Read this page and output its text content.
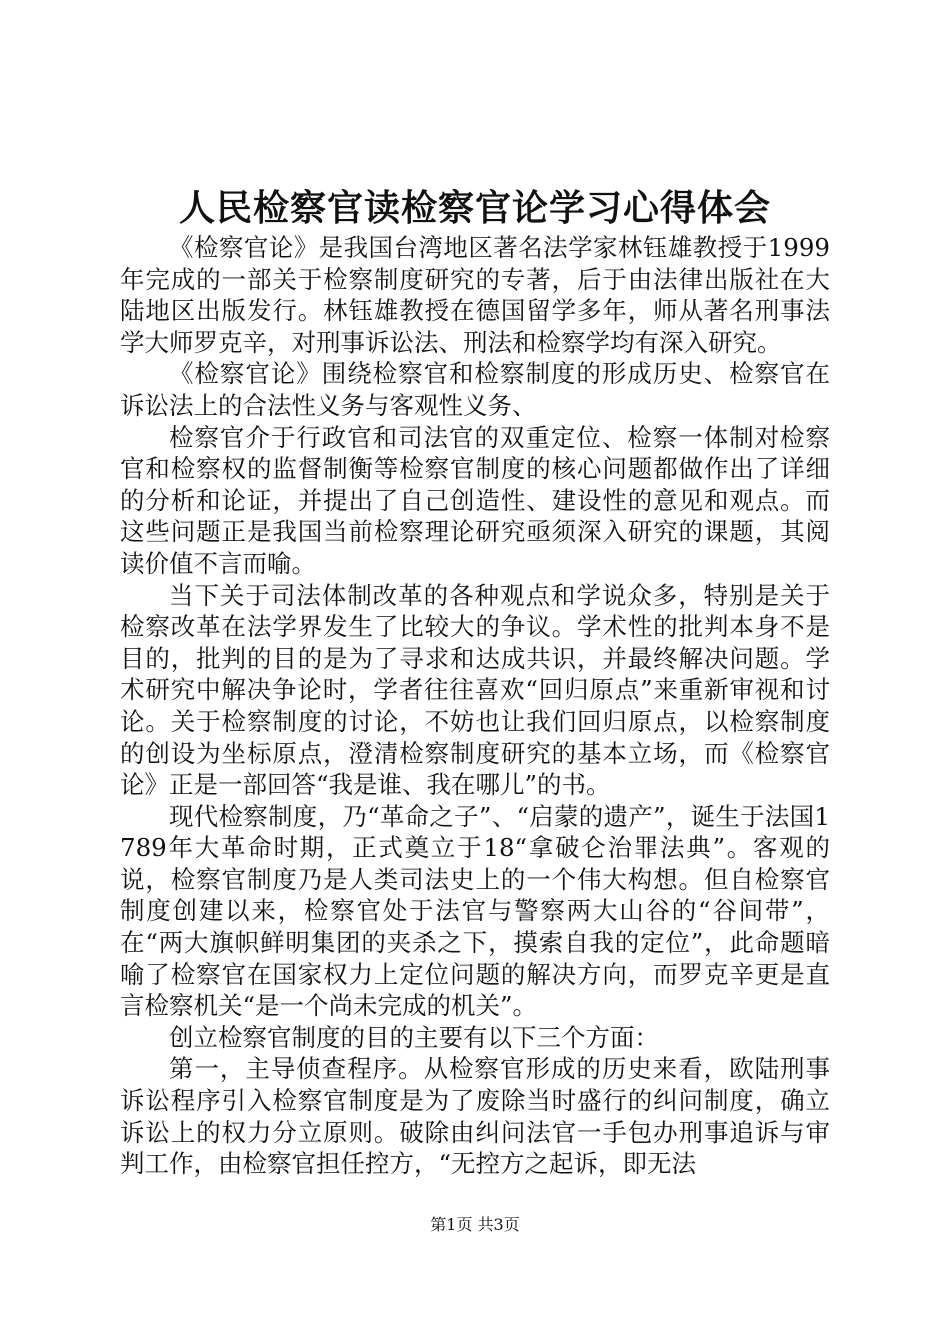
人民检察官读检察官论学习心得体会

《检察官论》是我国台湾地区著名法学家林钰雄教授于1999年完成的一部关于检察制度研究的专著，后于由法律出版社在大陆地区出版发行。林钰雄教授在德国留学多年，师从著名刑事法学大师罗克辛，对刑事诉讼法、刑法和检察学均有深入研究。

《检察官论》围绕检察官和检察制度的形成历史、检察官在诉讼法上的合法性义务与客观性义务、

检察官介于行政官和司法官的双重定位、检察一体制对检察官和检察权的监督制衡等检察官制度的核心问题都做作出了详细的分析和论证，并提出了自己创造性、建设性的意见和观点。而这些问题正是我国当前检察理论研究亟须深入研究的课题，其阅读价值不言而喻。

当下关于司法体制改革的各种观点和学说众多，特别是关于检察改革在法学界发生了比较大的争议。学术性的批判本身不是目的，批判的目的是为了寻求和达成共识，并最终解决问题。学术研究中解决争论时，学者往往喜欢“回归原点”来重新审视和讨论。关于检察制度的讨论，不妨也让我们回归原点，以检察制度的创设为坐标原点，澄清检察制度研究的基本立场，而《检察官论》正是一部回答“我是谁、我在哪儿”的书。

现代检察制度，乃“革命之子”、“启蒙的遗产”，诞生于法国1789年大革命时期，正式奠立于18“拿破仑治罪法典”。客观的说，检察官制度乃是人类司法史上的一个伟大构想。但自检察官制度创建以来，检察官处于法官与警察两大山谷的“谷间带”，在“两大旗帜鲜明集团的夹杀之下，摸索自我的定位”，此命题暗喻了检察官在国家权力上定位问题的解决方向，而罗克辛更是直言检察机关“是一个尚未完成的机关”。

创立检察官制度的目的主要有以下三个方面：

第一，主导侦查程序。从检察官形成的历史来看，欧陆刑事诉讼程序引入检察官制度是为了废除当时盛行的纠问制度，确立诉讼上的权力分立原则。破除由纠问法官一手包办刑事追诉与审判工作，由检察官担任控方，“无控方之起诉，即无法

第1页 共3页
